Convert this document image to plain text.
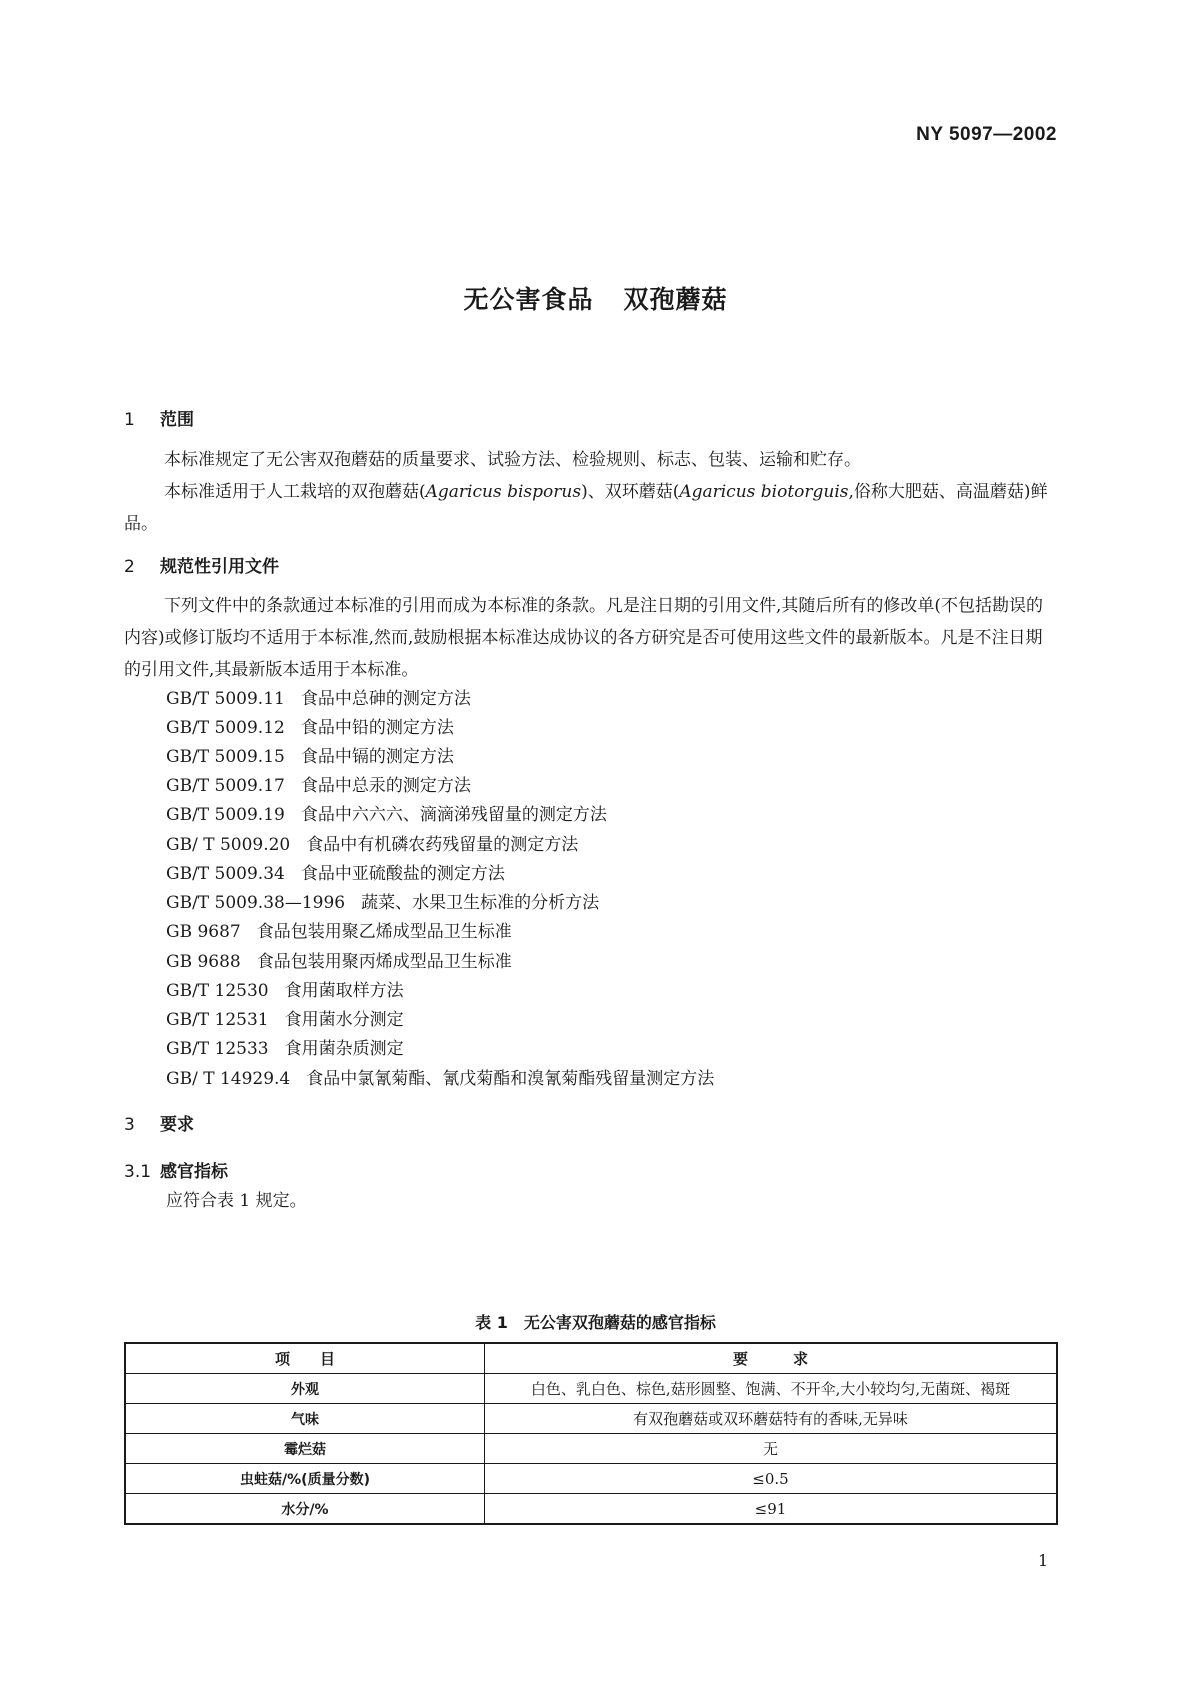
NY 5097—2002
无公害食品 双孢蘑菇
1 范围
本标准规定了无公害双孢蘑菇的质量要求、试验方法、检验规则、标志、包装、运输和贮存。
本标准适用于人工栽培的双孢蘑菇(Agaricus bisporus)、双环蘑菇(Agaricus biotorguis,俗称大肥菇、高温蘑菇)鲜品。
2 规范性引用文件
下列文件中的条款通过本标准的引用而成为本标准的条款。凡是注日期的引用文件,其随后所有的修改单(不包括勘误的内容)或修订版均不适用于本标准,然而,鼓励根据本标准达成协议的各方研究是否可使用这些文件的最新版本。凡是不注日期的引用文件,其最新版本适用于本标准。
GB/T 5009.11 食品中总砷的测定方法
GB/T 5009.12 食品中铅的测定方法
GB/T 5009.15 食品中镉的测定方法
GB/T 5009.17 食品中总汞的测定方法
GB/T 5009.19 食品中六六六、滴滴涕残留量的测定方法
GB/ T 5009.20 食品中有机磷农药残留量的测定方法
GB/T 5009.34 食品中亚硫酸盐的测定方法
GB/T 5009.38—1996 蔬菜、水果卫生标准的分析方法
GB 9687 食品包装用聚乙烯成型品卫生标准
GB 9688 食品包装用聚丙烯成型品卫生标准
GB/T 12530 食用菌取样方法
GB/T 12531 食用菌水分测定
GB/T 12533 食用菌杂质测定
GB/ T 14929.4 食品中氯氰菊酯、氰戊菊酯和溴氰菊酯残留量测定方法
3 要求
3.1 感官指标
应符合表 1 规定。
表 1 无公害双孢蘑菇的感官指标
项　　目	要　　　求
外观	白色、乳白色、棕色,菇形圆整、饱满、不开伞,大小较均匀,无菌斑、褐斑
气味	有双孢蘑菇或双环蘑菇特有的香味,无异味
霉烂菇	无
虫蛀菇/%(质量分数)	≤0.5
水分/%	≤91
1
